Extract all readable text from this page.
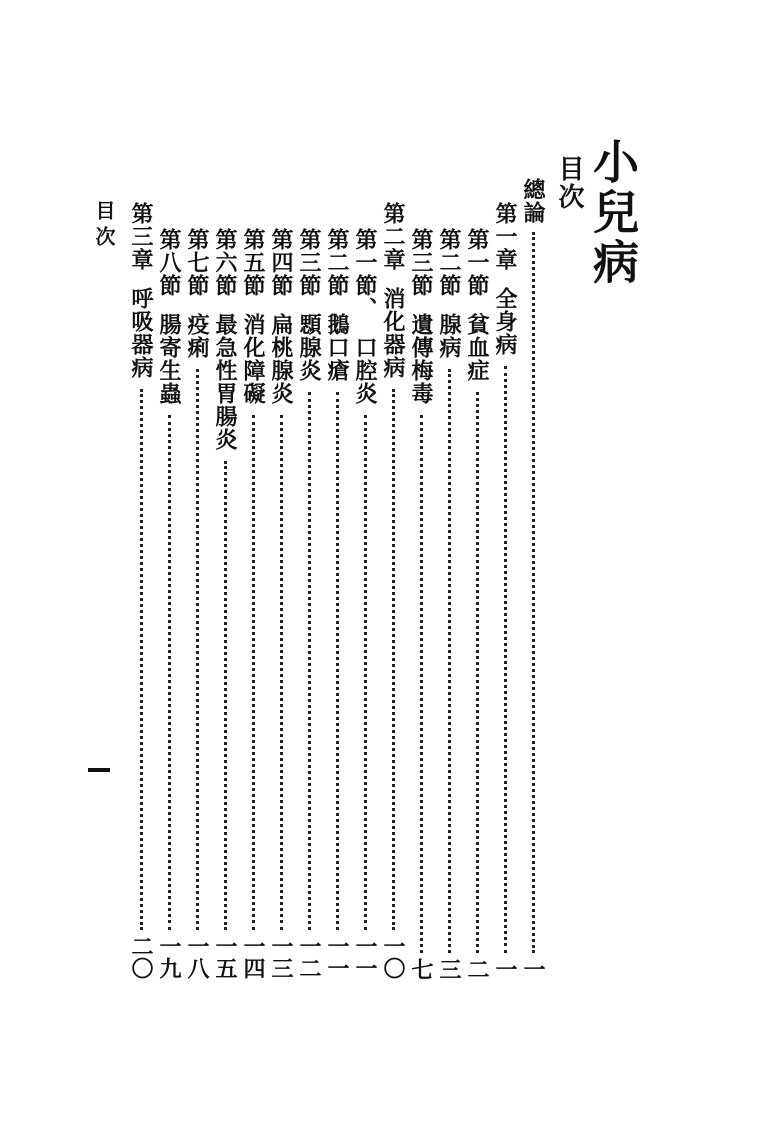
小兒病
目次
總論
一
第一章全身病
一
第一節貧血症
二
第二節腺病
三
第三節遺傳梅毒
七
第二章消化器病
一〇
第一節、口腔炎
一一
第二節鵝口瘡
一一
第三節顋腺炎
一二
第四節扁桃腺炎
一三
第五節消化障礙
一四
第六節最急性胃腸炎
一五
第七節疫痢
一八
第八節腸寄生蟲
一九
第三章呼吸器病
二〇
目次
